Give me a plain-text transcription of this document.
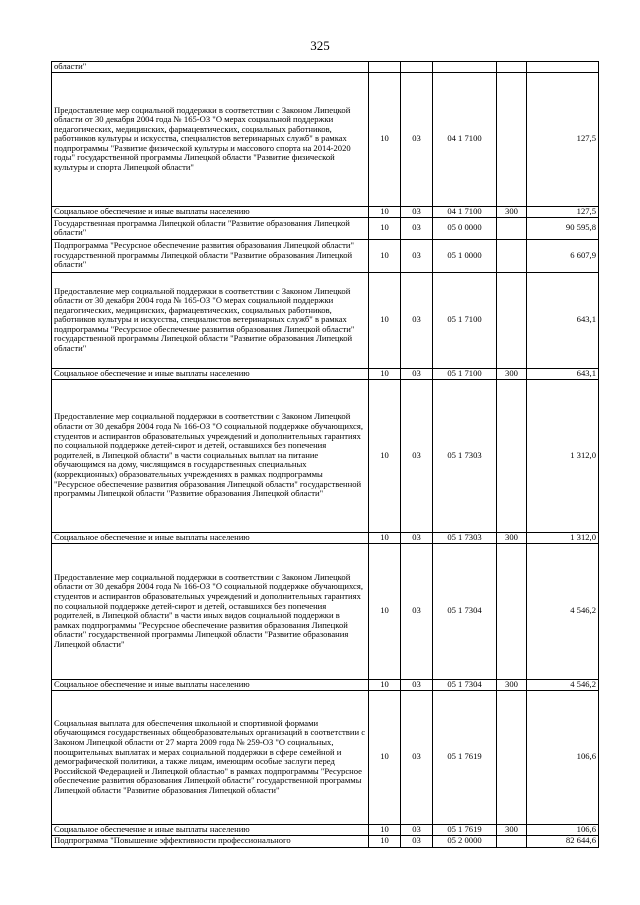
325
области"					
Предоставление мер социальной поддержки в соответствии с Законом Липецкой области от 30 декабря 2004 года № 165-ОЗ "О мерах социальной поддержки педагогических, медицинских, фармацевтических, социальных работников, работников культуры и искусства, специалистов ветеринарных служб" в рамках подпрограммы "Развитие физической культуры и массового спорта на 2014-2020 годы" государственной программы Липецкой области "Развитие физической культуры и спорта Липецкой области"	10	03	04 1 7100		127,5
Социальное обеспечение и иные выплаты населению	10	03	04 1 7100	300	127,5
Государственная программа Липецкой области "Развитие образования Липецкой области"	10	03	05 0 0000		90 595,8
Подпрограмма "Ресурсное обеспечение развития образования Липецкой области" государственной программы Липецкой области "Развитие образования Липецкой области"	10	03	05 1 0000		6 607,9
Предоставление мер социальной поддержки в соответствии с Законом Липецкой области от 30 декабря 2004 года № 165-ОЗ "О мерах социальной поддержки педагогических, медицинских, фармацевтических, социальных работников, работников культуры и искусства, специалистов ветеринарных служб" в рамках подпрограммы "Ресурсное обеспечение развития образования Липецкой области" государственной программы Липецкой области "Развитие образования Липецкой области"	10	03	05 1 7100		643,1
Социальное обеспечение и иные выплаты населению	10	03	05 1 7100	300	643,1
Предоставление мер социальной поддержки в соответствии с Законом Липецкой области от 30 декабря 2004 года № 166-ОЗ "О социальной поддержке обучающихся, студентов и аспирантов образовательных учреждений и дополнительных гарантиях по социальной поддержке детей-сирот и детей, оставшихся без попечения родителей, в Липецкой области" в части социальных выплат на питание обучающимся на дому, числящимся в государственных специальных (коррекционных) образовательных учреждениях в рамках подпрограммы "Ресурсное обеспечение развития образования Липецкой области" государственной программы Липецкой области "Развитие образования Липецкой области"	10	03	05 1 7303		1 312,0
Социальное обеспечение и иные выплаты населению	10	03	05 1 7303	300	1 312,0
Предоставление мер социальной поддержки в соответствии с Законом Липецкой области от 30 декабря 2004 года № 166-ОЗ "О социальной поддержке обучающихся, студентов и аспирантов образовательных учреждений и дополнительных гарантиях по социальной поддержке детей-сирот и детей, оставшихся без попечения родителей, в Липецкой области" в части иных видов социальной поддержки в рамках подпрограммы "Ресурсное обеспечение развития образования Липецкой области" государственной программы Липецкой области "Развитие образования Липецкой области"	10	03	05 1 7304		4 546,2
Социальное обеспечение и иные выплаты населению	10	03	05 1 7304	300	4 546,2
Социальная выплата для обеспечения школьной и спортивной формами обучающимся государственных общеобразовательных организаций в соответствии с Законом Липецкой области от 27 марта 2009 года № 259-ОЗ "О социальных, поощрительных выплатах и мерах социальной поддержки в сфере семейной и демографической политики, а также лицам, имеющим особые заслуги перед Российской Федерацией и Липецкой областью" в рамках подпрограммы "Ресурсное обеспечение развития образования Липецкой области" государственной программы Липецкой области "Развитие образования Липецкой области"	10	03	05 1 7619		106,6
Социальное обеспечение и иные выплаты населению	10	03	05 1 7619	300	106,6
Подпрограмма "Повышение эффективности профессионального	10	03	05 2 0000		82 644,6
